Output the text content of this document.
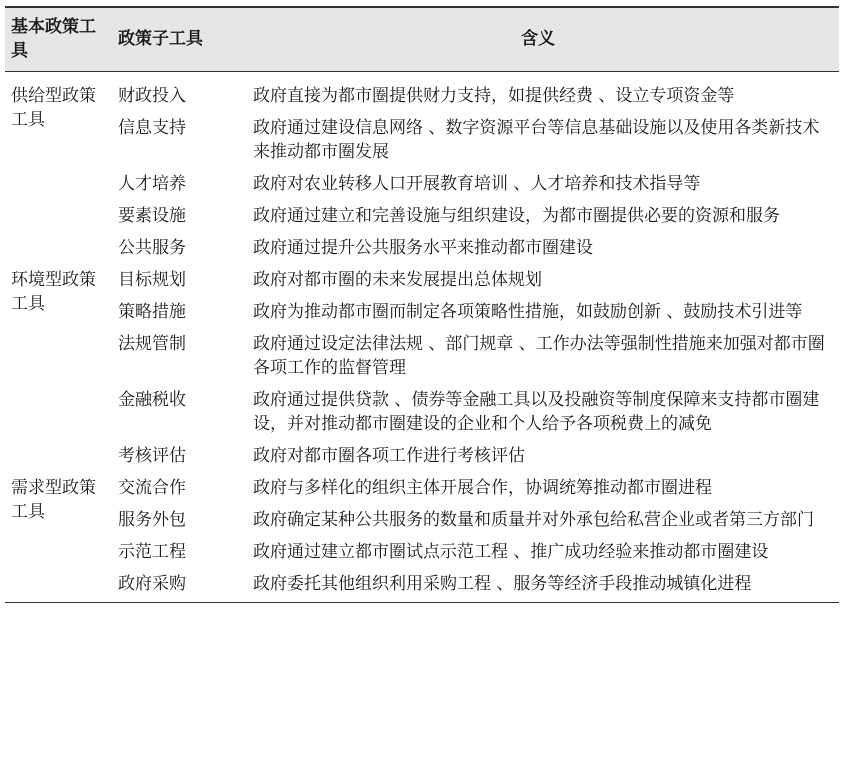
基本政策工具	政策子工具	含义
供给型政策工具	财政投入	政府直接为都市圈提供财力支持，如提供经费 、设立专项资金等
	信息支持	政府通过建设信息网络 、数字资源平台等信息基础设施以及使用各类新技术来推动都市圈发展
	人才培养	政府对农业转移人口开展教育培训 、人才培养和技术指导等
	要素设施	政府通过建立和完善设施与组织建设，为都市圈提供必要的资源和服务
	公共服务	政府通过提升公共服务水平来推动都市圈建设
环境型政策工具	目标规划	政府对都市圈的未来发展提出总体规划
	策略措施	政府为推动都市圈而制定各项策略性措施，如鼓励创新 、鼓励技术引进等
	法规管制	政府通过设定法律法规 、部门规章 、工作办法等强制性措施来加强对都市圈各项工作的监督管理
	金融税收	政府通过提供贷款 、债券等金融工具以及投融资等制度保障来支持都市圈建设，并对推动都市圈建设的企业和个人给予各项税费上的减免
	考核评估	政府对都市圈各项工作进行考核评估
需求型政策工具	交流合作	政府与多样化的组织主体开展合作，协调统筹推动都市圈进程
	服务外包	政府确定某种公共服务的数量和质量并对外承包给私营企业或者第三方部门
	示范工程	政府通过建立都市圈试点示范工程 、推广成功经验来推动都市圈建设
	政府采购	政府委托其他组织利用采购工程 、服务等经济手段推动城镇化进程
